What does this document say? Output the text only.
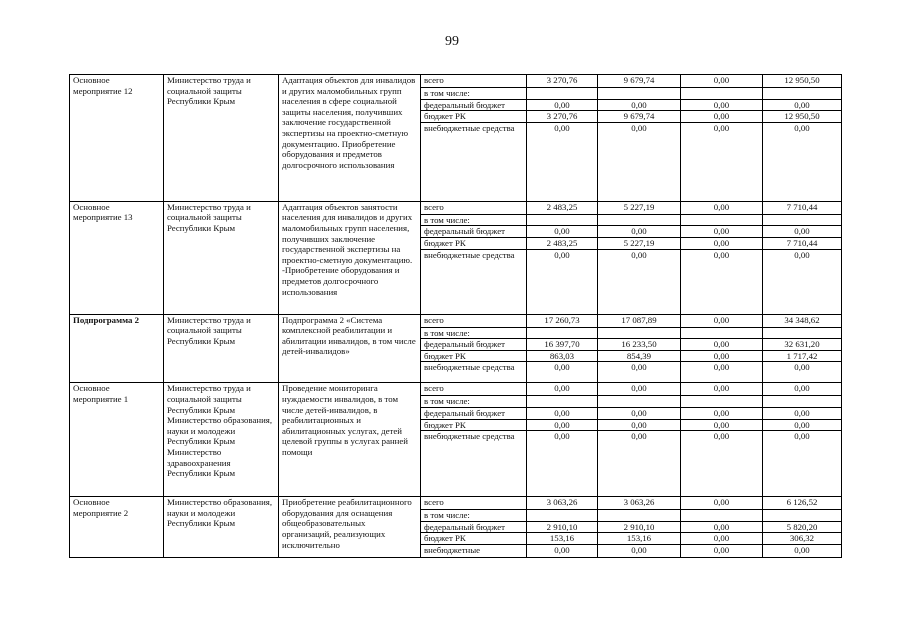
99
Основное мероприятие 12	Министерство труда и социальной защиты Республики Крым	Адаптация объектов для инвалидов и других маломобильных групп населения в сфере социальной защиты населения, получивших заключение государственной экспертизы на проектно-сметную документацию. Приобретение оборудования и предметов долгосрочного использования	всего	3 270,76	9 679,74	0,00	12 950,50
			в том числе:				
			федеральный бюджет	0,00	0,00	0,00	0,00
			бюджет РК	3 270,76	9 679,74	0,00	12 950,50
			внебюджетные средства	0,00	0,00	0,00	0,00
Основное мероприятие 13	Министерство труда и социальной защиты Республики Крым	Адаптация объектов занятости населения для инвалидов и других маломобильных групп населения, получивших заключение государственной экспертизы на проектно-сметную документацию. -Приобретение оборудования и предметов долгосрочного использования	всего	2 483,25	5 227,19	0,00	7 710,44
			в том числе:				
			федеральный бюджет	0,00	0,00	0,00	0,00
			бюджет РК	2 483,25	5 227,19	0,00	7 710,44
			внебюджетные средства	0,00	0,00	0,00	0,00
Подпрограмма 2	Министерство труда и социальной защиты Республики Крым	Подпрограмма 2 «Система комплексной реабилитации и абилитации инвалидов, в том числе детей-инвалидов»	всего	17 260,73	17 087,89	0,00	34 348,62
			в том числе:				
			федеральный бюджет	16 397,70	16 233,50	0,00	32 631,20
			бюджет РК	863,03	854,39	0,00	1 717,42
			внебюджетные средства	0,00	0,00	0,00	0,00
Основное мероприятие 1	Министерство труда и социальной защиты Республики Крым Министерство образования, науки и молодежи Республики Крым Министерство здравоохранения Республики Крым	Проведение мониторинга нуждаемости инвалидов, в том числе детей-инвалидов, в реабилитационных и абилитационных услугах, детей целевой группы в услугах ранней помощи	всего	0,00	0,00	0,00	0,00
			в том числе:				
			федеральный бюджет	0,00	0,00	0,00	0,00
			бюджет РК	0,00	0,00	0,00	0,00
			внебюджетные средства	0,00	0,00	0,00	0,00
Основное мероприятие 2	Министерство образования, науки и молодежи Республики Крым	Приобретение реабилитационного оборудования для оснащения общеобразовательных организаций, реализующих исключительно	всего	3 063,26	3 063,26	0,00	6 126,52
			в том числе:				
			федеральный бюджет	2 910,10	2 910,10	0,00	5 820,20
			бюджет РК	153,16	153,16	0,00	306,32
			внебюджетные	0,00	0,00	0,00	0,00
